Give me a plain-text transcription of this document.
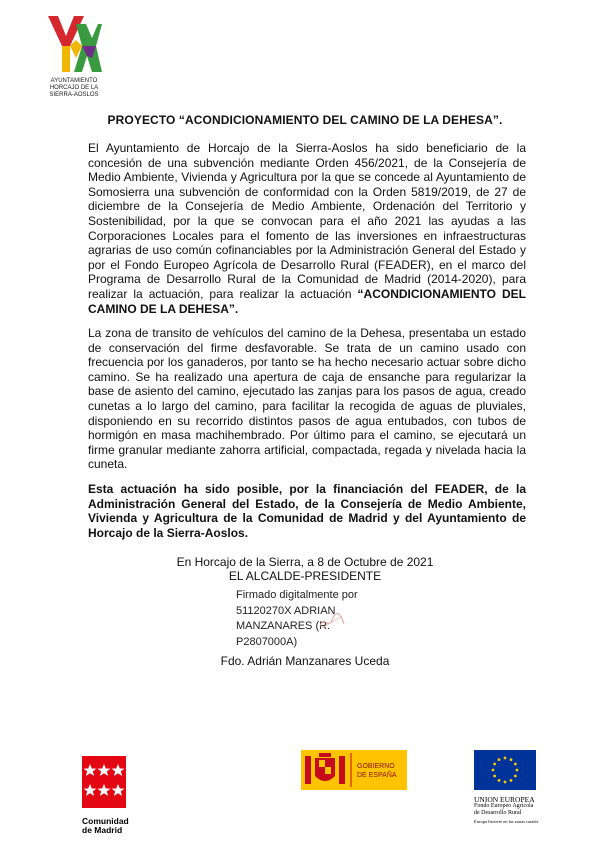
AYUNTAMIENTO
HORCAJO DE LA
SIERRA-AOSLOS
PROYECTO “ACONDICIONAMIENTO DEL CAMINO DE LA DEHESA”.

El Ayuntamiento de Horcajo de la Sierra-Aoslos ha sido beneficiario de la concesión de una subvención mediante Orden 456/2021, de la Consejería de Medio Ambiente, Vivienda y Agricultura por la que se concede al Ayuntamiento de Somosierra una subvención de conformidad con la Orden 5819/2019, de 27 de diciembre de la Consejería de Medio Ambiente, Ordenación del Territorio y Sostenibilidad, por la que se convocan para el año 2021 las ayudas a las Corporaciones Locales para el fomento de las inversiones en infraestructuras agrarias de uso común cofinanciables por la Administración General del Estado y por el Fondo Europeo Agrícola de Desarrollo Rural (FEADER), en el marco del Programa de Desarrollo Rural de la Comunidad de Madrid (2014-2020), para realizar la actuación, para realizar la actuación “ACONDICIONAMIENTO DEL CAMINO DE LA DEHESA”.

La zona de transito de vehículos del camino de la Dehesa, presentaba un estado de conservación del firme desfavorable. Se trata de un camino usado con frecuencia por los ganaderos, por tanto se ha hecho necesario actuar sobre dicho camino. Se ha realizado una apertura de caja de ensanche para regularizar la base de asiento del camino, ejecutado las zanjas para los pasos de agua, creado cunetas a lo largo del camino, para facilitar la recogida de aguas de pluviales, disponiendo en su recorrido distintos pasos de agua entubados, con tubos de hormigón en masa machihembrado. Por último para el camino, se ejecutará un firme granular mediante zahorra artificial, compactada, regada y nivelada hacia la cuneta.

Esta actuación ha sido posible, por la financiación del FEADER, de la Administración General del Estado, de la Consejería de Medio Ambiente, Vivienda y Agricultura de la Comunidad de Madrid y del Ayuntamiento de Horcajo de la Sierra-Aoslos.

En Horcajo de la Sierra, a 8 de Octubre de 2021
EL ALCALDE-PRESIDENTE
Firmado digitalmente por
51120270X ADRIAN
MANZANARES (R:
P2807000A)
Fdo. Adrián Manzanares Uceda
Comunidad
de Madrid
GOBIERNO
DE ESPAÑA
UNION EUROPEA
Fondo Europeo Agrícola
de Desarrollo Rural
Europa Invierte en las zonas rurales
